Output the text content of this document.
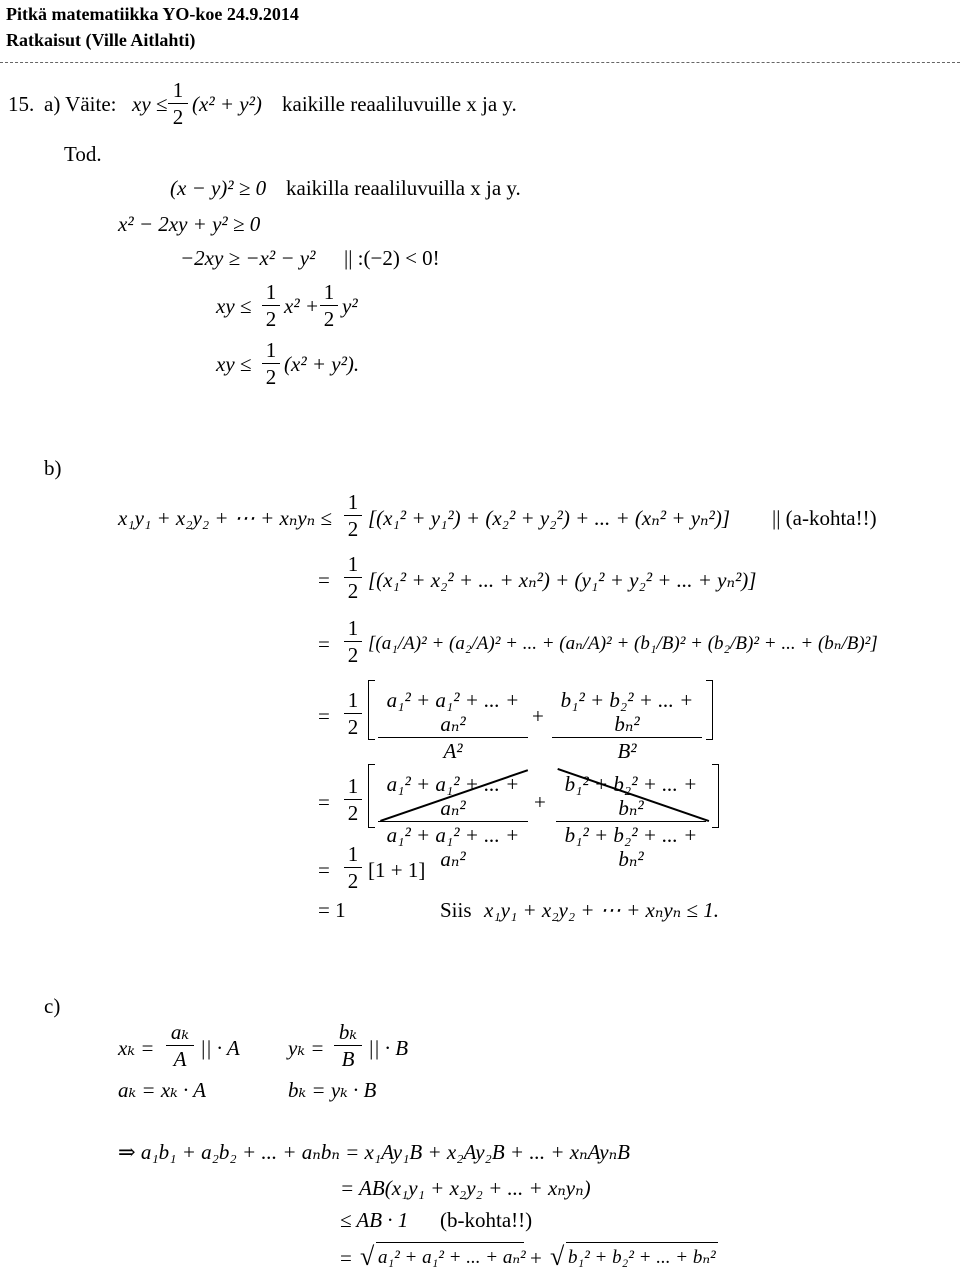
Pitkä matematiikka YO-koe 24.9.2014
Ratkaisut (Ville Aitlahti)
15. a) Väite: xy ≤
1
2
(x² + y²) kaikille reaaliluvuille x ja y.
Tod.
(x − y)² ≥ 0 kaikilla reaaliluvuilla x ja y.
x² − 2xy + y² ≥ 0
−2xy ≥ −x² − y² || :(−2) < 0!
xy ≤
1
2
x² +
1
2
y²
xy ≤
1
2
(x² + y²).
b)
x₁y₁ + x₂y₂ + ⋯ + xₙyₙ ≤
1
2 [(x₁² + y₁²) + (x₂² + y₂²) + ... + (xₙ² + yₙ²)] || (a-kohta!!)
=
1
2 [(x₁² + x₂² + ... + xₙ²) + (y₁² + y₂² + ... + yₙ²)]
=
1
2 [(a₁/A)² + (a₂/A)² + ... + (aₙ/A)² + (b₁/B)² + (b₂/B)² + ... + (bₙ/B)²]
=
1
2
a₁² + a₁² + ... + aₙ²
A²
+
b₁² + b₂² + ... + bₙ²
B²
=
1
2
a₁² + a₁² + ... + aₙ²
a₁² + a₁² + ... + aₙ²
+
b₁² + b₂² + ... + bₙ²
b₁² + b₂² + ... + bₙ²
=
1
2 [1 + 1]
= 1	Siis x₁y₁ + x₂y₂ + ⋯ + xₙyₙ ≤ 1.
c)
xₖ =
aₖ
A || · A yₖ =
bₖ
B || · B
aₖ = xₖ · A	bₖ = yₖ · B
⇒ a₁b₁ + a₂b₂ + ... + aₙbₙ = x₁Ay₁B + x₂Ay₂B + ... + xₙAyₙB
= AB(x₁y₁ + x₂y₂ + ... + xₙyₙ)
≤ AB · 1 (b-kohta!!)
= √ a₁² + a₁² + ... + aₙ² + √ b₁² + b₂² + ... + bₙ²
